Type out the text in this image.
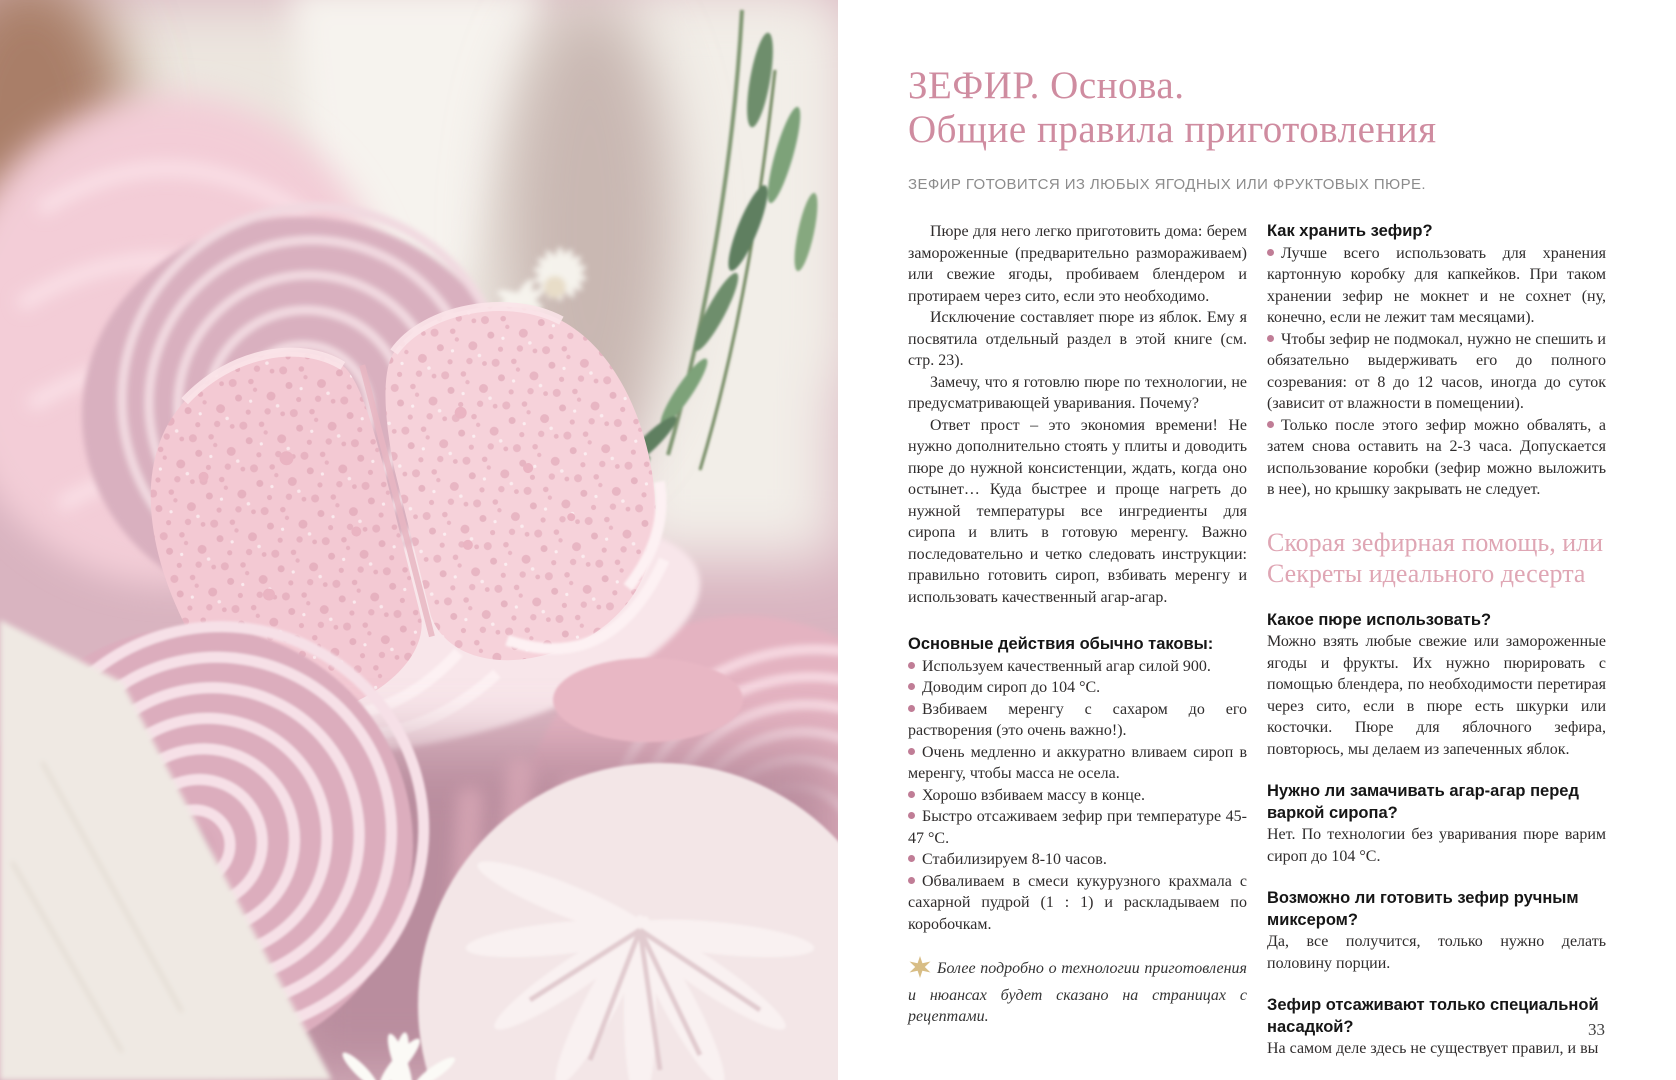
ЗЕФИР. Основа.
Общие правила приготовления
ЗЕФИР ГОТОВИТСЯ ИЗ ЛЮБЫХ ЯГОДНЫХ ИЛИ ФРУКТОВЫХ ПЮРЕ.

Пюре для него легко приготовить дома: берем замороженные (предварительно размораживаем) или свежие ягоды, пробиваем блендером и протираем через сито, если это необходимо.

Исключение составляет пюре из яблок. Ему я посвятила отдельный раздел в этой книге (см. стр. 23).

Замечу, что я готовлю пюре по технологии, не предусматривающей уваривания. Почему?

Ответ прост – это экономия времени! Не нужно дополнительно стоять у плиты и доводить пюре до нужной консистенции, ждать, когда оно остынет… Куда быстрее и проще нагреть до нужной температуры все ингредиенты для сиропа и влить в готовую меренгу. Важно последовательно и четко следовать инструкции: правильно готовить сироп, взбивать меренгу и использовать качественный агар-агар.

Основные действия обычно таковы:

Используем качественный агар силой 900.

Доводим сироп до 104 °С.

Взбиваем меренгу с сахаром до его растворения (это очень важно!).

Очень медленно и аккуратно вливаем сироп в меренгу, чтобы масса не осела.

Хорошо взбиваем массу в конце.

Быстро отсаживаем зефир при температуре 45-47 °С.

Стабилизируем 8-10 часов.

Обваливаем в смеси кукурузного крахмала с сахарной пудрой (1 : 1) и раскладываем по коробочкам.

Более подробно о технологии приготовления и нюансах будет сказано на страницах с рецептами.

Как хранить зефир?

Лучше всего использовать для хранения картонную коробку для капкейков. При таком хранении зефир не мокнет и не сохнет (ну, конечно, если не лежит там месяцами).

Чтобы зефир не подмокал, нужно не спешить и обязательно выдерживать его до полного созревания: от 8 до 12 часов, иногда до суток (зависит от влажности в помещении).

Только после этого зефир можно обвалять, а затем снова оставить на 2-3 часа. Допускается использование коробки (зефир можно выложить в нее), но крышку закрывать не следует.

Скорая зефирная помощь, или
Секреты идеального десерта

Какое пюре использовать?

Можно взять любые свежие или замороженные ягоды и фрукты. Их нужно пюрировать с помощью блендера, по необходимости перетирая через сито, если в пюре есть шкурки или косточки. Пюре для яблочного зефира, повторюсь, мы делаем из запеченных яблок.

Нужно ли замачивать агар-агар перед варкой сиропа?

Нет. По технологии без уваривания пюре варим сироп до 104 °С.

Возможно ли готовить зефир ручным миксером?

Да, все получится, только нужно делать половину порции.

Зефир отсаживают только специальной насадкой?

На самом деле здесь не существует правил, и вы

33
